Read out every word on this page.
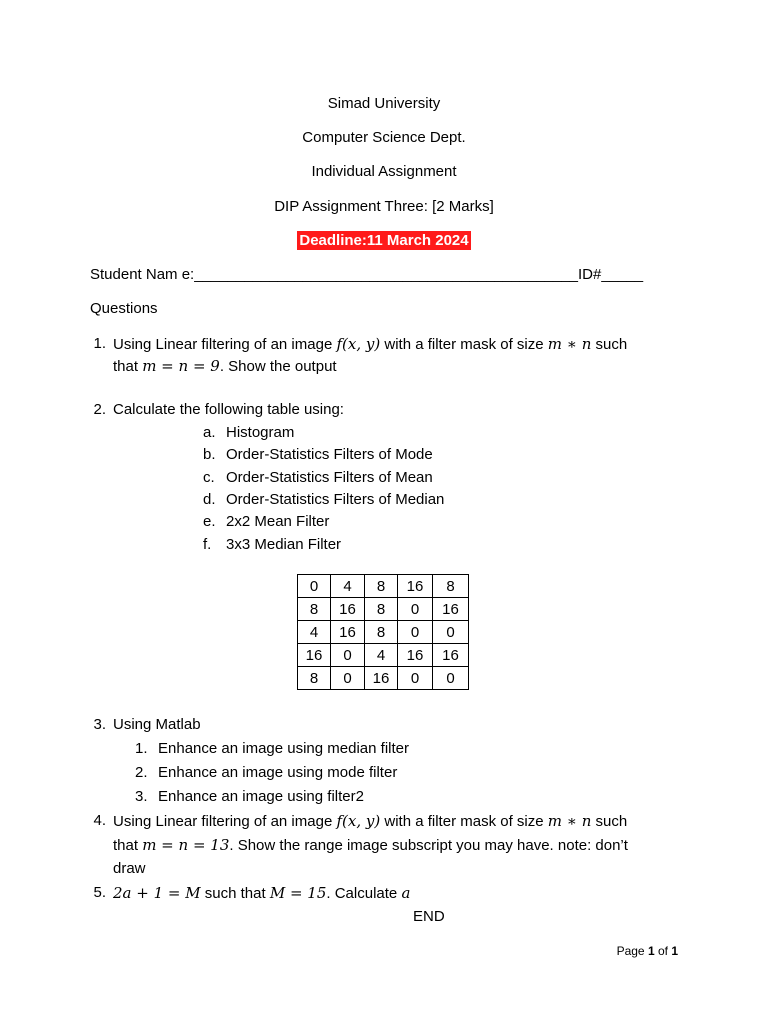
Simad University
Computer Science Dept.
Individual Assignment
DIP Assignment Three: [2 Marks]
Deadline:11 March 2024
Student Nam e:______________________________________________ID#_____
Questions
1. Using Linear filtering of an image f(x, y) with a filter mask of size m ∗ n such
that m = n = 9. Show the output
2. Calculate the following table using:
a. Histogram
b. Order-Statistics Filters of Mode
c. Order-Statistics Filters of Mean
d. Order-Statistics Filters of Median
e. 2x2 Mean Filter
f. 3x3 Median Filter
0	4	8	16	8
8	16	8	0	16
4	16	8	0	0
16	0	4	16	16
8	0	16	0	0
3. Using Matlab
1. Enhance an image using median filter
2. Enhance an image using mode filter
3. Enhance an image using filter2
4. Using Linear filtering of an image f(x, y) with a filter mask of size m ∗ n such
that m = n = 13. Show the range image subscript you may have. note: don’t
draw
5. 2a + 1 = M such that M = 15. Calculate a
END
Page 1 of 1
